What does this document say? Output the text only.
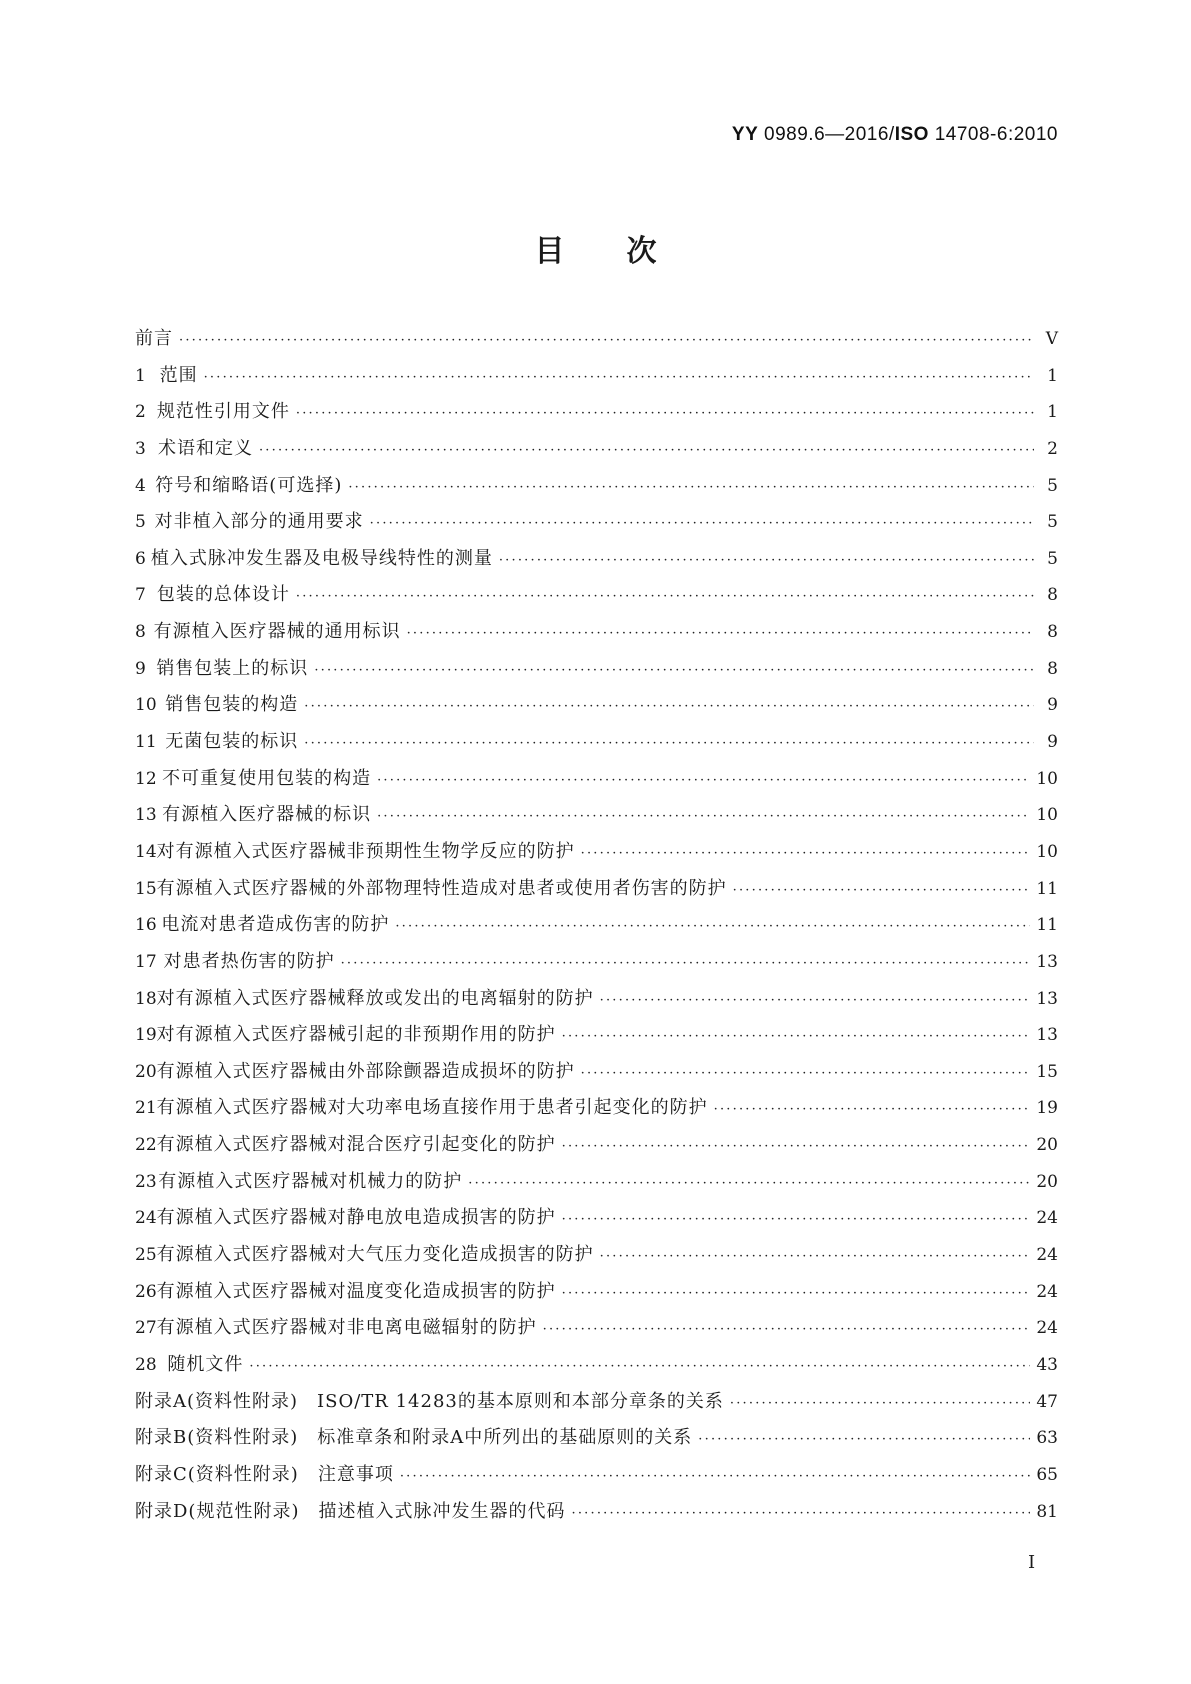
YY 0989.6—2016/ISO 14708-6:2010
目次
前言 ·····	V
1 范围 ·····	1
2 规范性引用文件 ·····	1
3 术语和定义 ·····	2
4 符号和缩略语(可选择) ·····	5
5 对非植入部分的通用要求 ·····	5
6 植入式脉冲发生器及电极导线特性的测量 ·····	5
7 包装的总体设计 ·····	8
8 有源植入医疗器械的通用标识 ·····	8
9 销售包装上的标识 ·····	8
10 销售包装的构造 ·····	9
11 无菌包装的标识 ·····	9
12 不可重复使用包装的构造 ·····	10
13 有源植入医疗器械的标识 ·····	10
14 对有源植入式医疗器械非预期性生物学反应的防护 ·····	10
15 有源植入式医疗器械的外部物理特性造成对患者或使用者伤害的防护 ·····	11
16 电流对患者造成伤害的防护 ·····	11
17 对患者热伤害的防护 ·····	13
18 对有源植入式医疗器械释放或发出的电离辐射的防护 ·····	13
19 对有源植入式医疗器械引起的非预期作用的防护 ·····	13
20 有源植入式医疗器械由外部除颤器造成损坏的防护 ·····	15
21 有源植入式医疗器械对大功率电场直接作用于患者引起变化的防护 ·····	19
22 有源植入式医疗器械对混合医疗引起变化的防护 ·····	20
23 有源植入式医疗器械对机械力的防护 ·····	20
24 有源植入式医疗器械对静电放电造成损害的防护 ·····	24
25 有源植入式医疗器械对大气压力变化造成损害的防护 ·····	24
26 有源植入式医疗器械对温度变化造成损害的防护 ·····	24
27 有源植入式医疗器械对非电离电磁辐射的防护 ·····	24
28 随机文件 ·····	43
附录A(资料性附录)　ISO/TR 14283的基本原则和本部分章条的关系 ·····	47
附录B(资料性附录)　标准章条和附录A中所列出的基础原则的关系 ·····	63
附录C(资料性附录)　注意事项 ·····	65
附录D(规范性附录)　描述植入式脉冲发生器的代码 ·····	81
I
